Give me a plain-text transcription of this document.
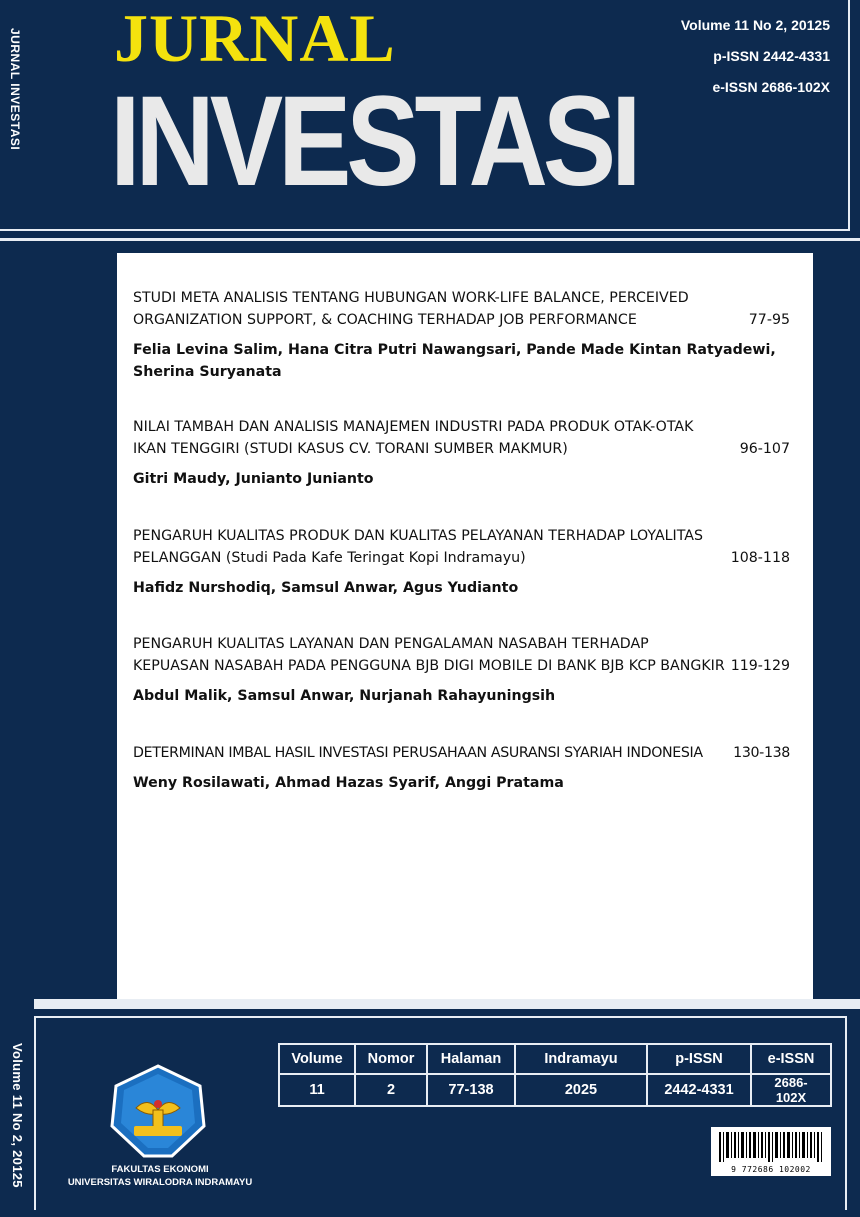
JURNAL INVESTASI JURNAL
INVESTASI
Volume 11 No 2, 20125
p-ISSN 2442-4331
e-ISSN 2686-102X
STUDI META ANALISIS TENTANG HUBUNGAN WORK-LIFE BALANCE, PERCEIVED ORGANIZATION SUPPORT, & COACHING TERHADAP JOB PERFORMANCE	77-95
Felia Levina Salim, Hana Citra Putri Nawangsari, Pande Made Kintan Ratyadewi, Sherina Suryanata
NILAI TAMBAH DAN ANALISIS MANAJEMEN INDUSTRI PADA PRODUK OTAK-OTAK IKAN TENGGIRI (STUDI KASUS CV. TORANI SUMBER MAKMUR)	96-107
Gitri Maudy, Junianto Junianto
PENGARUH KUALITAS PRODUK DAN KUALITAS PELAYANAN TERHADAP LOYALITAS PELANGGAN (Studi Pada Kafe Teringat Kopi Indramayu)	108-118
Hafidz Nurshodiq, Samsul Anwar, Agus Yudianto
PENGARUH KUALITAS LAYANAN DAN PENGALAMAN NASABAH TERHADAP KEPUASAN NASABAH PADA PENGGUNA BJB DIGI MOBILE DI BANK BJB KCP BANGKIR 119-129
Abdul Malik, Samsul Anwar, Nurjanah Rahayuningsih
DETERMINAN IMBAL HASIL INVESTASI PERUSAHAAN ASURANSI SYARIAH INDONESIA 130-138
Weny Rosilawati, Ahmad Hazas Syarif, Anggi Pratama
Volume 11 No 2, 20125	Volume	Nomor	Halaman	Indramayu	p-ISSN	e-ISSN
11	2	77-138	2025	2442-4331	2686-102X
FAKULTAS EKONOMI
UNIVERSITAS WIRALODRA INDRAMAYU
9 772686 102002
